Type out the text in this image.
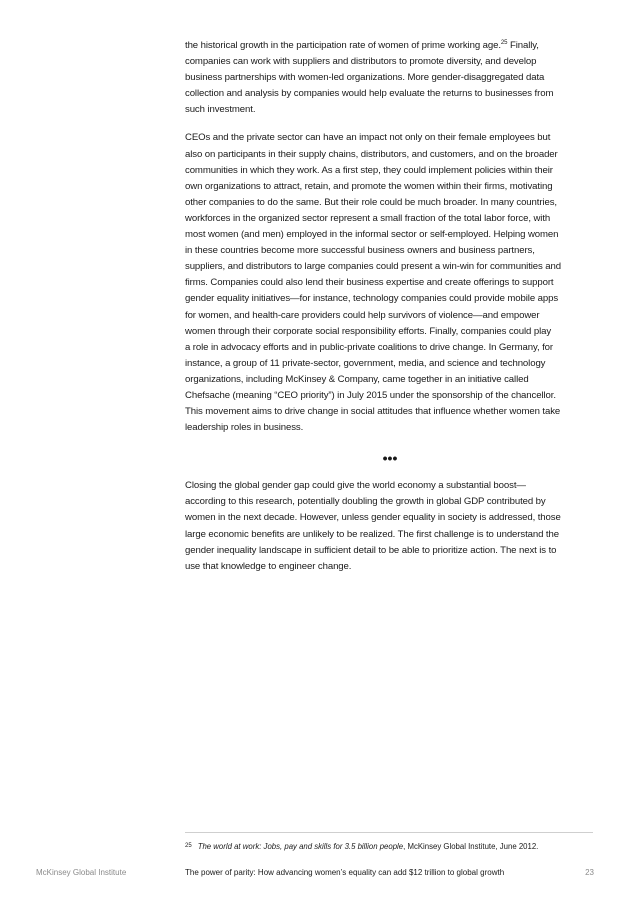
the historical growth in the participation rate of women of prime working age.$^{25}$ Finally,
companies can work with suppliers and distributors to promote diversity, and develop
business partnerships with women-led organizations. More gender-disaggregated data
collection and analysis by companies would help evaluate the returns to businesses from
such investment.
CEOs and the private sector can have an impact not only on their female employees but
also on participants in their supply chains, distributors, and customers, and on the broader
communities in which they work. As a first step, they could implement policies within their
own organizations to attract, retain, and promote the women within their firms, motivating
other companies to do the same. But their role could be much broader. In many countries,
workforces in the organized sector represent a small fraction of the total labor force, with
most women (and men) employed in the informal sector or self-employed. Helping women
in these countries become more successful business owners and business partners,
suppliers, and distributors to large companies could present a win-win for communities and
firms. Companies could also lend their business expertise and create offerings to support
gender equality initiatives—for instance, technology companies could provide mobile apps
for women, and health-care providers could help survivors of violence—and empower
women through their corporate social responsibility efforts. Finally, companies could play
a role in advocacy efforts and in public-private coalitions to drive change. In Germany, for
instance, a group of 11 private-sector, government, media, and science and technology
organizations, including McKinsey & Company, came together in an initiative called
Chefsache (meaning “CEO priority”) in July 2015 under the sponsorship of the chancellor.
This movement aims to drive change in social attitudes that influence whether women take
leadership roles in business.
•••
Closing the global gender gap could give the world economy a substantial boost—
according to this research, potentially doubling the growth in global GDP contributed by
women in the next decade. However, unless gender equality in society is addressed, those
large economic benefits are unlikely to be realized. The first challenge is to understand the
gender inequality landscape in sufficient detail to be able to prioritize action. The next is to
use that knowledge to engineer change.
$^{25}$ The world at work: Jobs, pay and skills for 3.5 billion people, McKinsey Global Institute, June 2012.
McKinsey Global Institute	The power of parity: How advancing women’s equality can add $12 trillion to global growth	23
